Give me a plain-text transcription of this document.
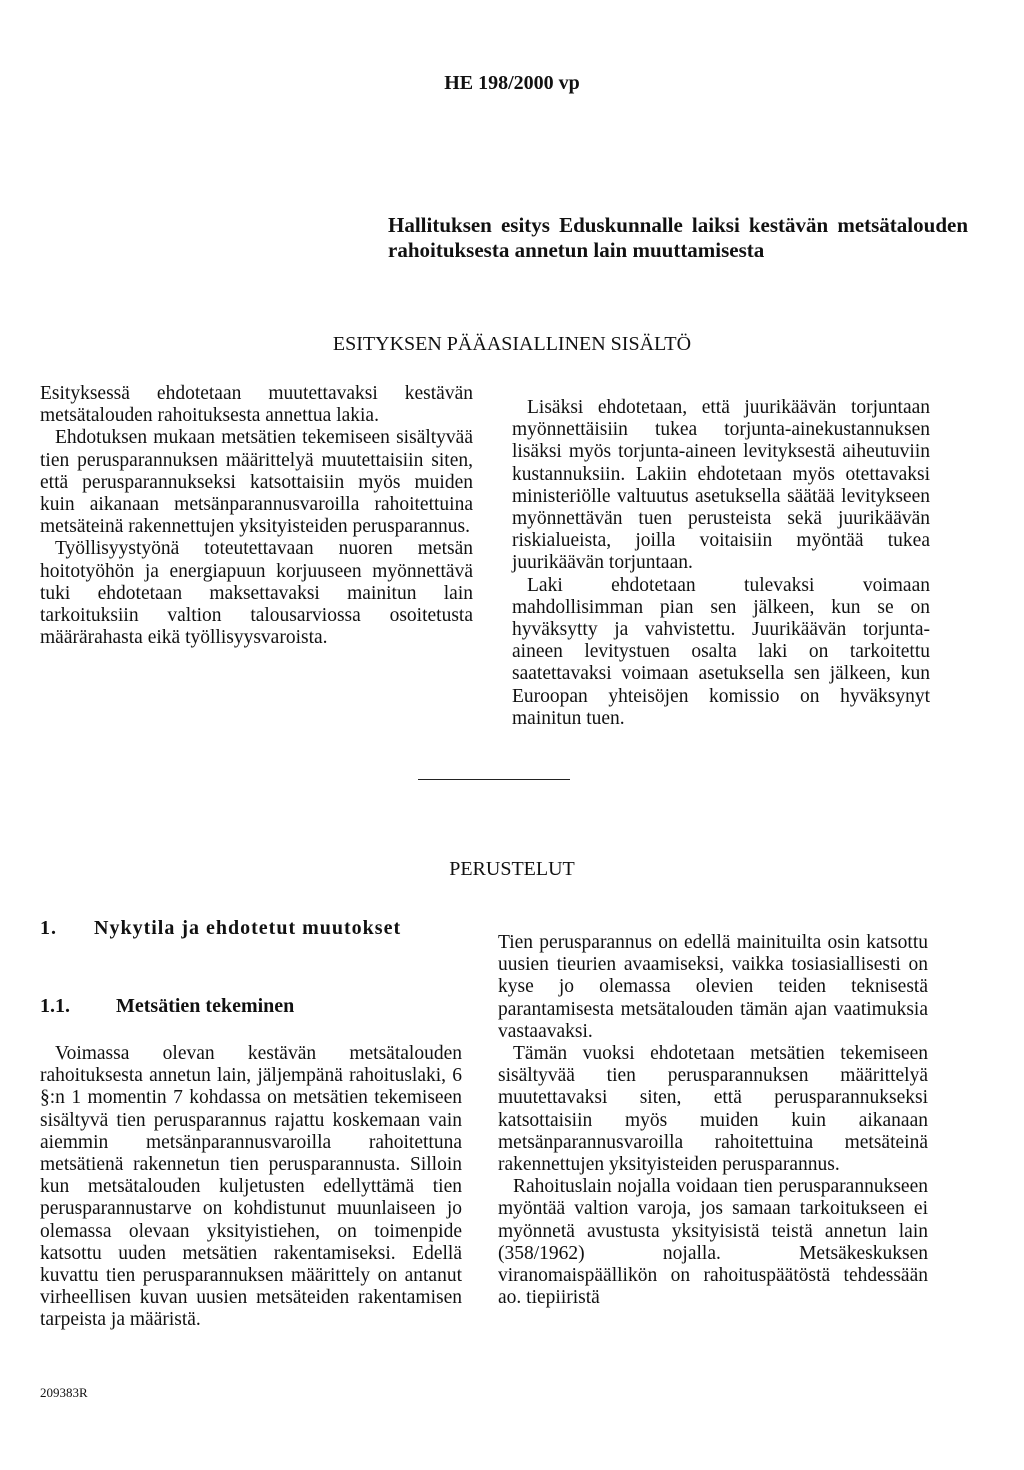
HE 198/2000 vp
Hallituksen esitys Eduskunnalle laiksi kestävän metsätalouden rahoituksesta annetun lain muuttamisesta
ESITYKSEN PÄÄASIALLINEN SISÄLTÖ

Esityksessä ehdotetaan muutettavaksi kestävän metsätalouden rahoituksesta annettua lakia.

Ehdotuksen mukaan metsätien tekemiseen sisältyvää tien perusparannuksen määrittelyä muutettaisiin siten, että perusparannukseksi katsottaisiin myös muiden kuin aikanaan metsänparannusvaroilla rahoitettuina metsäteinä rakennettujen yksityisteiden perusparannus.

Työllisyystyönä toteutettavaan nuoren metsän hoitotyöhön ja energiapuun korjuuseen myönnettävä tuki ehdotetaan maksettavaksi mainitun lain tarkoituksiin valtion talousarviossa osoitetusta määrärahasta eikä työllisyysvaroista.

Lisäksi ehdotetaan, että juurikäävän torjuntaan myönnettäisiin tukea torjunta-ainekustannuksen lisäksi myös torjunta-aineen levityksestä aiheutuviin kustannuksiin. Lakiin ehdotetaan myös otettavaksi ministeriölle valtuutus asetuksella säätää levitykseen myönnettävän tuen perusteista sekä juurikäävän riskialueista, joilla voitaisiin myöntää tukea juurikäävän torjuntaan.

Laki ehdotetaan tulevaksi voimaan mahdollisimman pian sen jälkeen, kun se on hyväksytty ja vahvistettu. Juurikäävän torjunta-aineen levitystuen osalta laki on tarkoitettu saatettavaksi voimaan asetuksella sen jälkeen, kun Euroopan yhteisöjen komissio on hyväksynyt mainitun tuen.

PERUSTELUT
1. Nykytila ja ehdotetut muutokset
1.1. Metsätien tekeminen

Voimassa olevan kestävän metsätalouden rahoituksesta annetun lain, jäljempänä rahoituslaki, 6 §:n 1 momentin 7 kohdassa on metsätien tekemiseen sisältyvä tien perusparannus rajattu koskemaan vain aiemmin metsänparannusvaroilla rahoitettuna metsätienä rakennetun tien perusparannusta. Silloin kun metsätalouden kuljetusten edellyttämä tien perusparannustarve on kohdistunut muunlaiseen jo olemassa olevaan yksityistiehen, on toimenpide katsottu uuden metsätien rakentamiseksi. Edellä kuvattu tien perusparannuksen määrittely on antanut virheellisen kuvan uusien metsäteiden rakentamisen tarpeista ja määristä.

Tien perusparannus on edellä mainituilta osin katsottu uusien tieurien avaamiseksi, vaikka tosiasiallisesti on kyse jo olemassa olevien teiden teknisestä parantamisesta metsätalouden tämän ajan vaatimuksia vastaavaksi.

Tämän vuoksi ehdotetaan metsätien tekemiseen sisältyvää tien perusparannuksen määrittelyä muutettavaksi siten, että perusparannukseksi katsottaisiin myös muiden kuin aikanaan metsänparannusvaroilla rahoitettuina metsäteinä rakennettujen yksityisteiden perusparannus.

Rahoituslain nojalla voidaan tien perusparannukseen myöntää valtion varoja, jos samaan tarkoitukseen ei myönnetä avustusta yksityisistä teistä annetun lain (358/1962) nojalla. Metsäkeskuksen viranomaispäällikön on rahoituspäätöstä tehdessään ao. tiepiiristä

209383R
